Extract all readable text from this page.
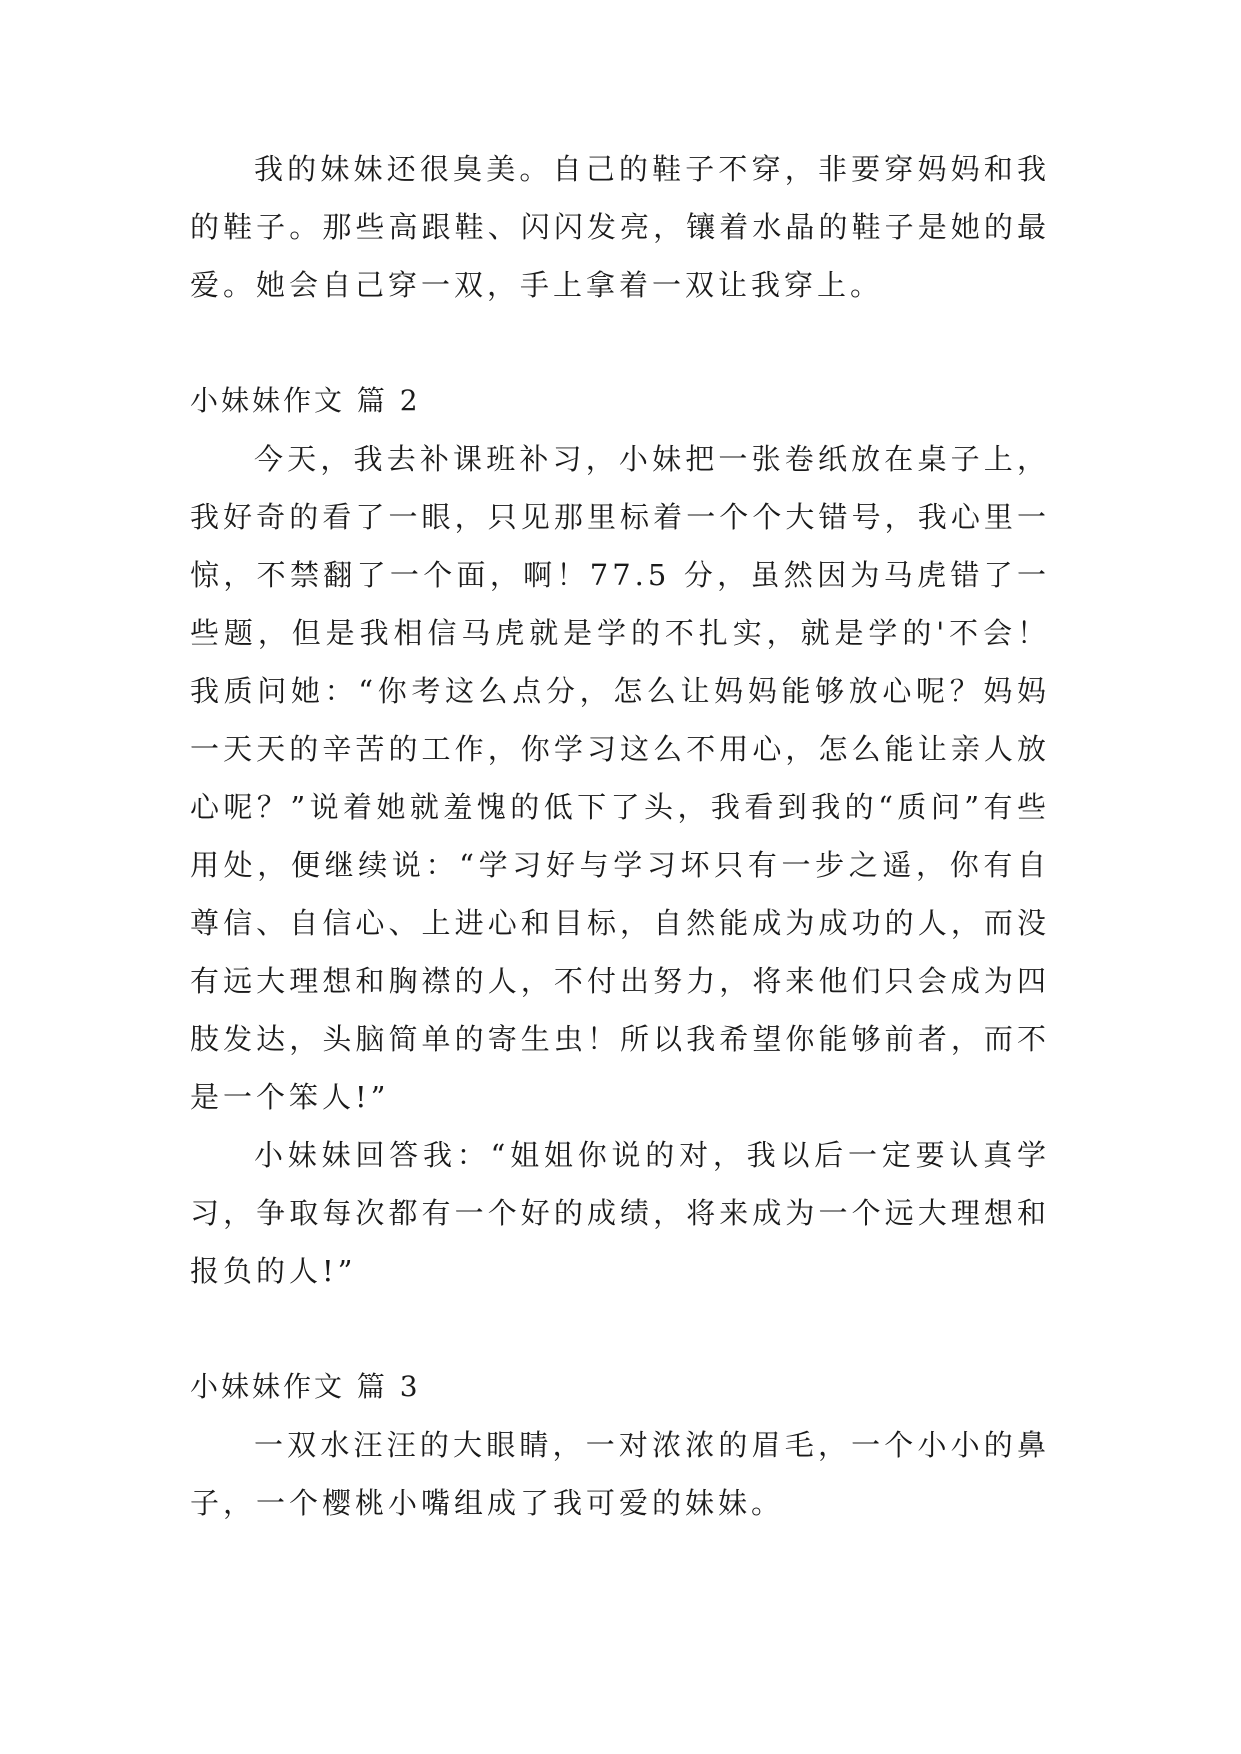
我的妹妹还很臭美。自己的鞋子不穿，非要穿妈妈和我的鞋子。那些高跟鞋、闪闪发亮，镶着水晶的鞋子是她的最爱。她会自己穿一双，手上拿着一双让我穿上。

小妹妹作文 篇 2

今天，我去补课班补习，小妹把一张卷纸放在桌子上，我好奇的看了一眼，只见那里标着一个个大错号，我心里一惊，不禁翻了一个面，啊！77.5 分，虽然因为马虎错了一些题，但是我相信马虎就是学的不扎实，就是学的'不会！我质问她：“你考这么点分，怎么让妈妈能够放心呢？妈妈一天天的辛苦的工作，你学习这么不用心，怎么能让亲人放心呢？”说着她就羞愧的低下了头，我看到我的“质问”有些用处，便继续说：“学习好与学习坏只有一步之遥，你有自尊信、自信心、上进心和目标，自然能成为成功的人，而没有远大理想和胸襟的人，不付出努力，将来他们只会成为四肢发达，头脑简单的寄生虫！所以我希望你能够前者，而不是一个笨人!”

小妹妹回答我：“姐姐你说的对，我以后一定要认真学习，争取每次都有一个好的成绩，将来成为一个远大理想和报负的人!”

小妹妹作文 篇 3

一双水汪汪的大眼睛，一对浓浓的眉毛，一个小小的鼻子，一个樱桃小嘴组成了我可爱的妹妹。
